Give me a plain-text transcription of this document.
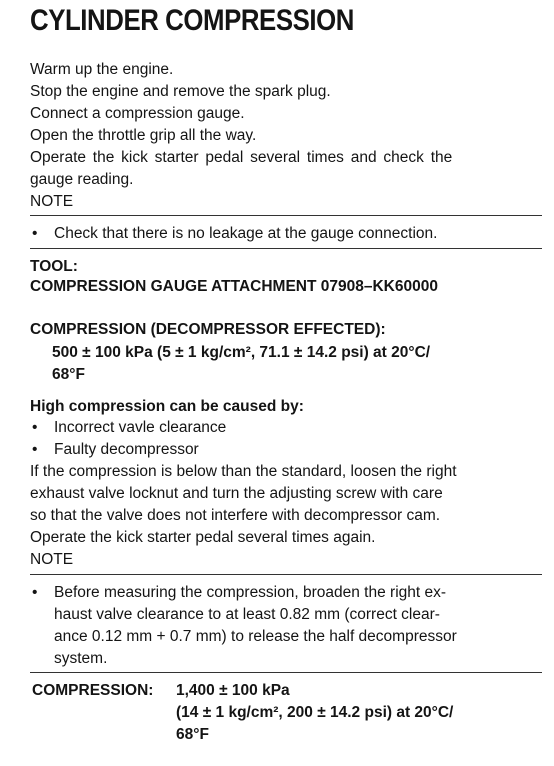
CYLINDER COMPRESSION
Warm up the engine.
Stop the engine and remove the spark plug.
Connect a compression gauge.
Open the throttle grip all the way.
Operate the kick starter pedal several times and check the
gauge reading.
NOTE
• Check that there is no leakage at the gauge connection.
TOOL:
COMPRESSION GAUGE ATTACHMENT 07908–KK60000
COMPRESSION (DECOMPRESSOR EFFECTED):
500 ± 100 kPa (5 ± 1 kg/cm², 71.1 ± 14.2 psi) at 20°C/
68°F
High compression can be caused by:
• Incorrect vavle clearance
• Faulty decompressor
If the compression is below than the standard, loosen the right
exhaust valve locknut and turn the adjusting screw with care
so that the valve does not interfere with decompressor cam.
Operate the kick starter pedal several times again.
NOTE
• Before measuring the compression, broaden the right ex-
haust valve clearance to at least 0.82 mm (correct clear-
ance 0.12 mm + 0.7 mm) to release the half decompressor
system.
COMPRESSION: 1,400 ± 100 kPa
(14 ± 1 kg/cm², 200 ± 14.2 psi) at 20°C/
68°F
